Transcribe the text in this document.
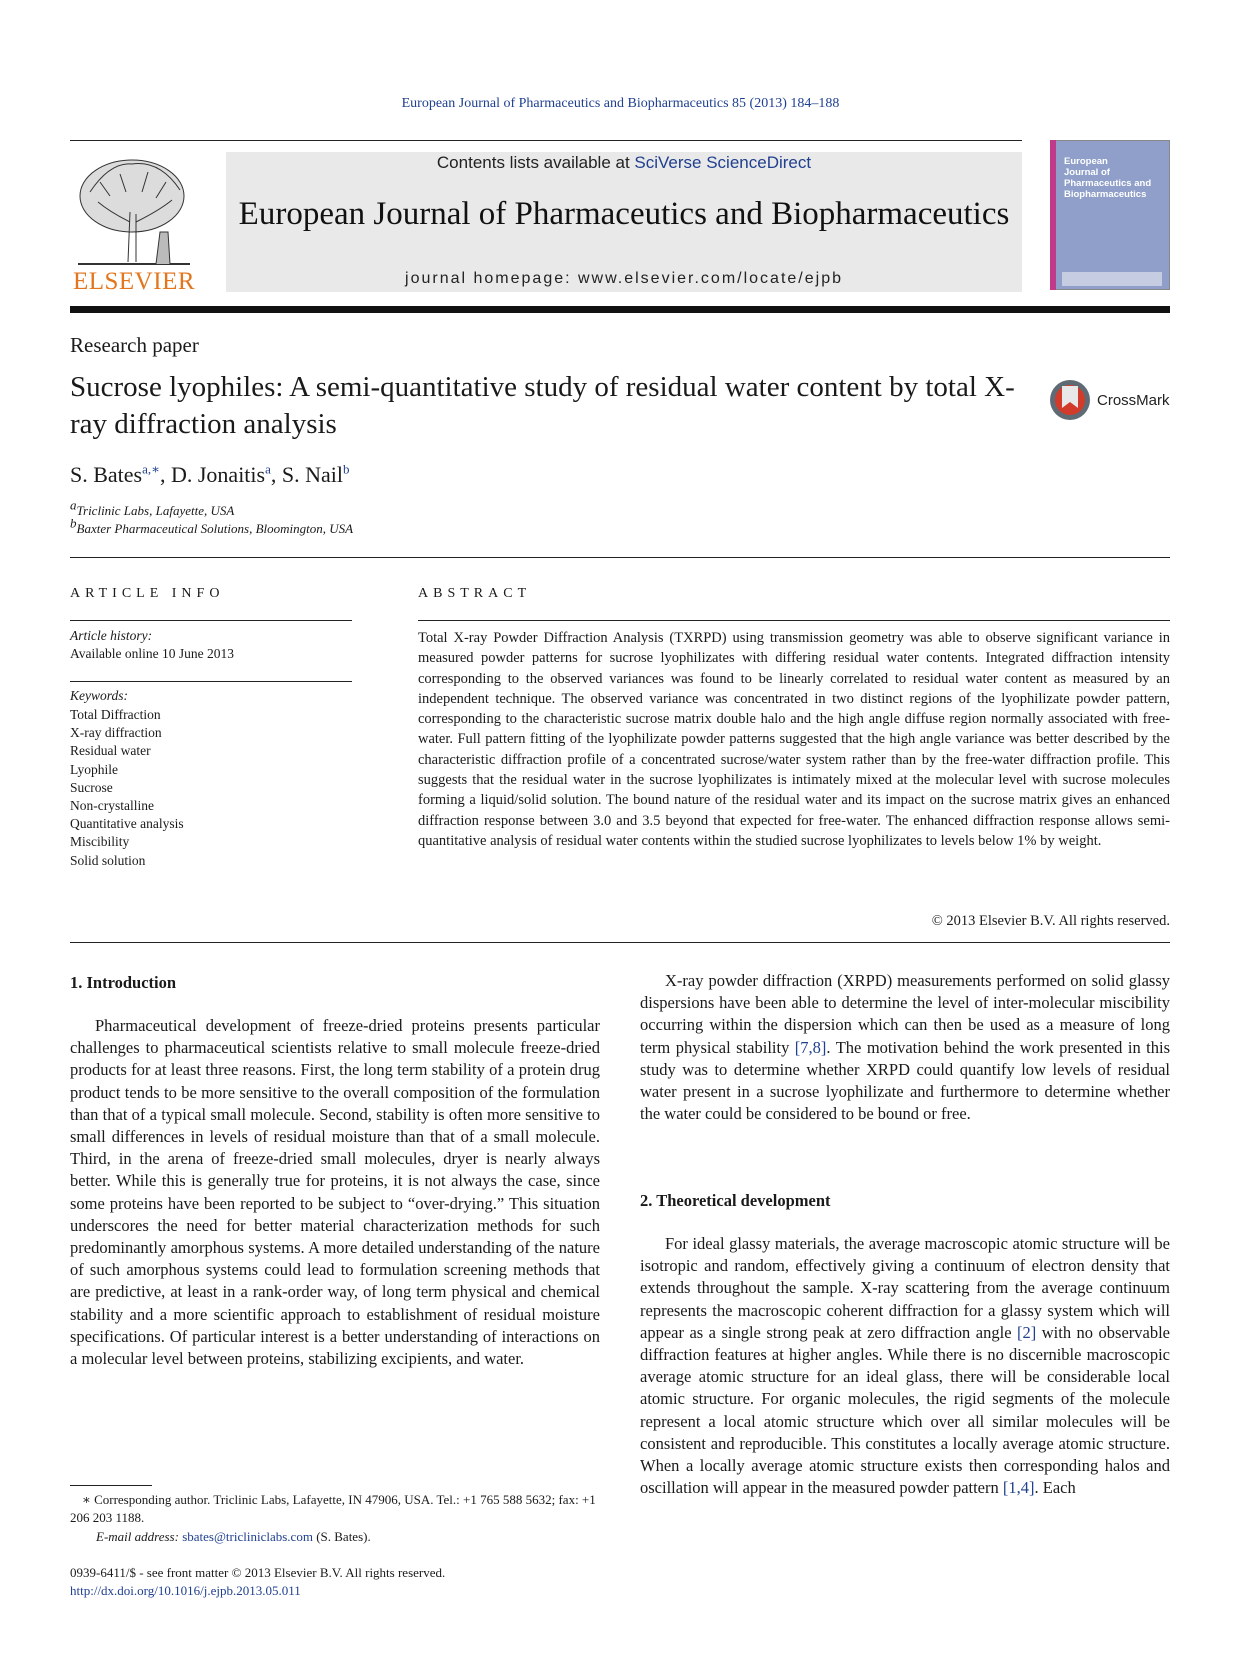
European Journal of Pharmaceutics and Biopharmaceutics 85 (2013) 184–188
ELSEVIER
Contents lists available at SciVerse ScienceDirect
European Journal of Pharmaceutics and Biopharmaceutics
journal homepage: www.elsevier.com/locate/ejpb
European
Journal of
Pharmaceutics and
Biopharmaceutics
Research paper
Sucrose lyophiles: A semi-quantitative study of residual water content by total X-ray diffraction analysis
CrossMark
S. Bates$^{a,∗}$, D. Jonaitis$^a$, S. Nail$^b$
$^a$Triclinic Labs, Lafayette, USA
$^b$Baxter Pharmaceutical Solutions, Bloomington, USA
ARTICLE INFO	ABSTRACT
Article history:
Available online 10 June 2013
Keywords:
Total Diffraction
X-ray diffraction
Residual water
Lyophile
Sucrose
Non-crystalline
Quantitative analysis
Miscibility
Solid solution
Total X-ray Powder Diffraction Analysis (TXRPD) using transmission geometry was able to observe significant variance in measured powder patterns for sucrose lyophilizates with differing residual water contents. Integrated diffraction intensity corresponding to the observed variances was found to be linearly correlated to residual water content as measured by an independent technique. The observed variance was concentrated in two distinct regions of the lyophilizate powder pattern, corresponding to the characteristic sucrose matrix double halo and the high angle diffuse region normally associated with free-water. Full pattern fitting of the lyophilizate powder patterns suggested that the high angle variance was better described by the characteristic diffraction profile of a concentrated sucrose/water system rather than by the free-water diffraction profile. This suggests that the residual water in the sucrose lyophilizates is intimately mixed at the molecular level with sucrose molecules forming a liquid/solid solution. The bound nature of the residual water and its impact on the sucrose matrix gives an enhanced diffraction response between 3.0 and 3.5 beyond that expected for free-water. The enhanced diffraction response allows semi-quantitative analysis of residual water contents within the studied sucrose lyophilizates to levels below 1% by weight.
© 2013 Elsevier B.V. All rights reserved.
1. Introduction
Pharmaceutical development of freeze-dried proteins presents particular challenges to pharmaceutical scientists relative to small molecule freeze-dried products for at least three reasons. First, the long term stability of a protein drug product tends to be more sensitive to the overall composition of the formulation than that of a typical small molecule. Second, stability is often more sensitive to small differences in levels of residual moisture than that of a small molecule. Third, in the arena of freeze-dried small molecules, dryer is nearly always better. While this is generally true for proteins, it is not always the case, since some proteins have been reported to be subject to “over-drying.” This situation underscores the need for better material characterization methods for such predominantly amorphous systems. A more detailed understanding of the nature of such amorphous systems could lead to formulation screening methods that are predictive, at least in a rank-order way, of long term physical and chemical stability and a more scientific approach to establishment of residual moisture specifications. Of particular interest is a better understanding of interactions on a molecular level between proteins, stabilizing excipients, and water.
X-ray powder diffraction (XRPD) measurements performed on solid glassy dispersions have been able to determine the level of inter-molecular miscibility occurring within the dispersion which can then be used as a measure of long term physical stability [7,8]. The motivation behind the work presented in this study was to determine whether XRPD could quantify low levels of residual water present in a sucrose lyophilizate and furthermore to determine whether the water could be considered to be bound or free.
2. Theoretical development
For ideal glassy materials, the average macroscopic atomic structure will be isotropic and random, effectively giving a continuum of electron density that extends throughout the sample. X-ray scattering from the average continuum represents the macroscopic coherent diffraction for a glassy system which will appear as a single strong peak at zero diffraction angle [2] with no observable diffraction features at higher angles. While there is no discernible macroscopic average atomic structure for an ideal glass, there will be considerable local atomic structure. For organic molecules, the rigid segments of the molecule represent a local atomic structure which over all similar molecules will be consistent and reproducible. This constitutes a locally average atomic structure. When a locally average atomic structure exists then corresponding halos and oscillation will appear in the measured powder pattern [1,4]. Each
∗ Corresponding author. Triclinic Labs, Lafayette, IN 47906, USA. Tel.: +1 765 588 5632; fax: +1 206 203 1188.
E-mail address: sbates@tricliniclabs.com (S. Bates).
0939-6411/$ - see front matter © 2013 Elsevier B.V. All rights reserved.
http://dx.doi.org/10.1016/j.ejpb.2013.05.011
